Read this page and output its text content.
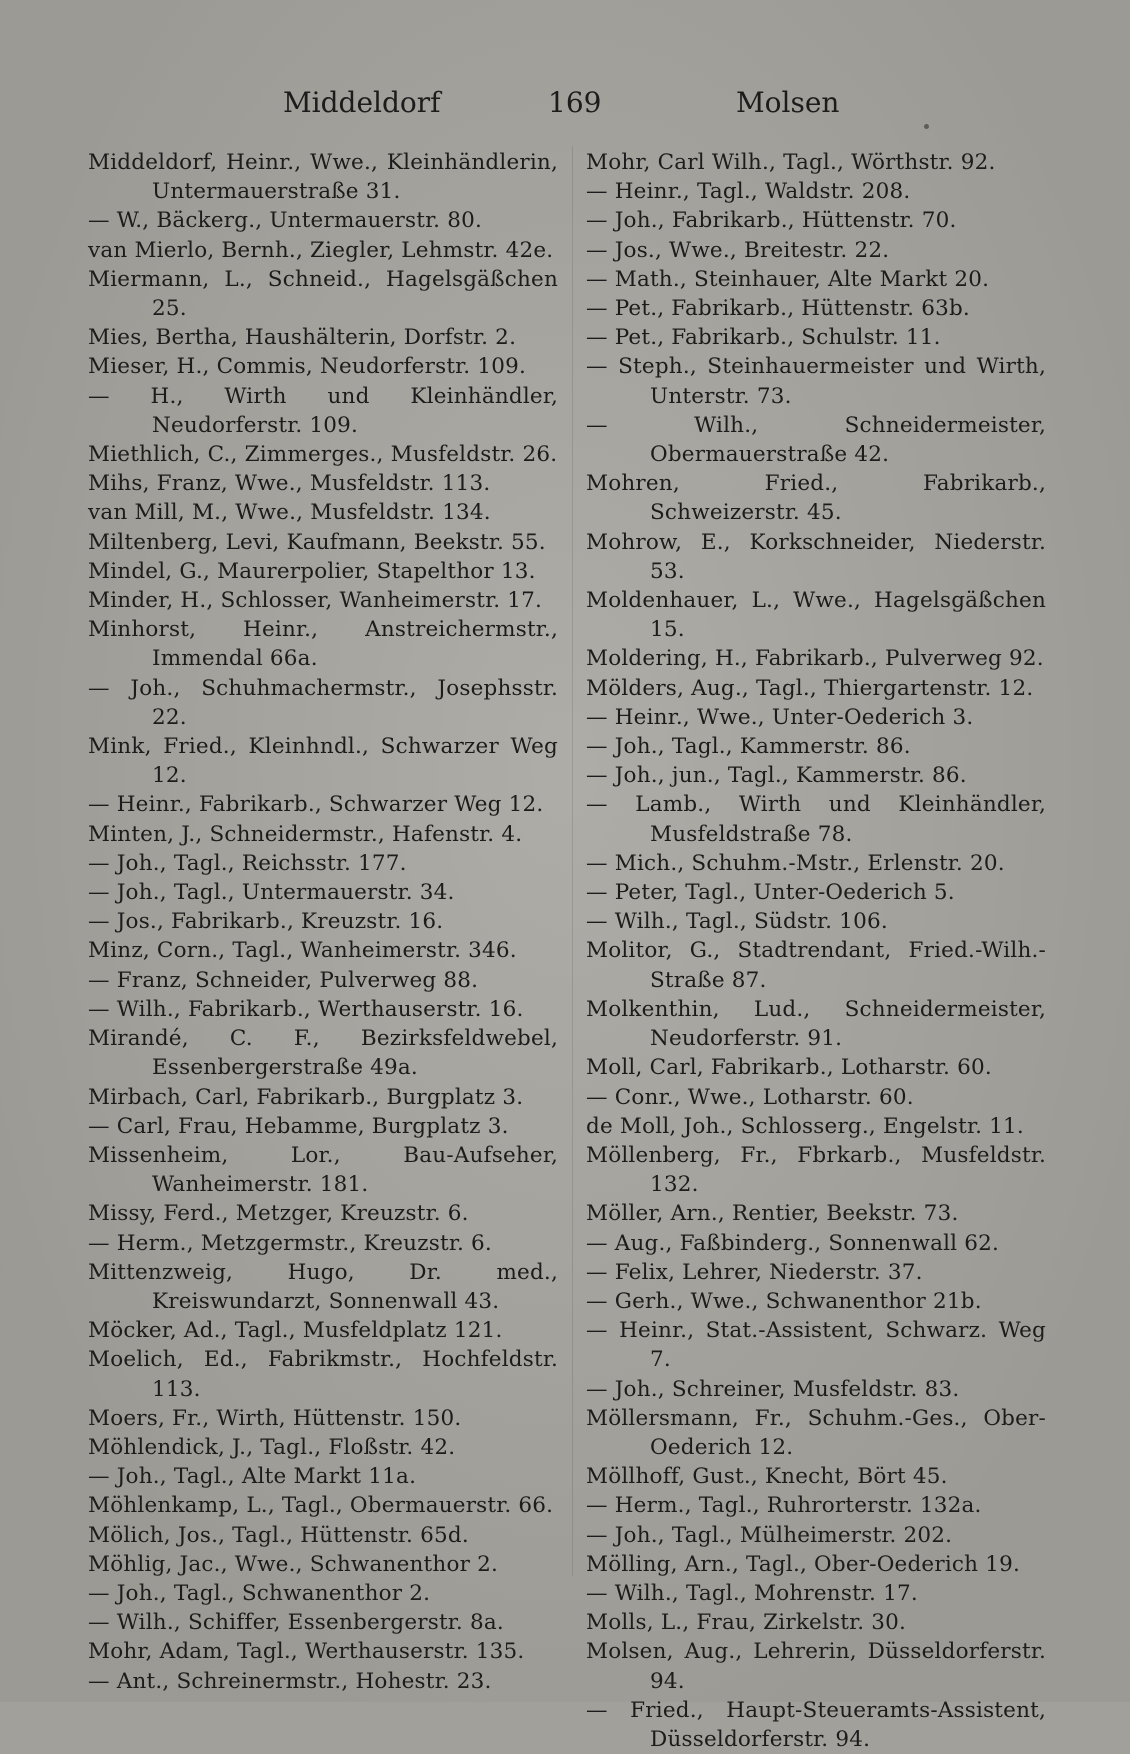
Middeldorf	169	Molsen
Middeldorf, Heinr., Wwe., Kleinhändlerin, Untermauerstraße 31.
— W., Bäckerg., Untermauerstr. 80.
van Mierlo, Bernh., Ziegler, Lehmstr. 42e.
Miermann, L., Schneid., Hagelsgäßchen 25.
Mies, Bertha, Haushälterin, Dorfstr. 2.
Mieser, H., Commis, Neudorferstr. 109.
— H., Wirth und Kleinhändler, Neudorferstr. 109.
Miethlich, C., Zimmerges., Musfeldstr. 26.
Mihs, Franz, Wwe., Musfeldstr. 113.
van Mill, M., Wwe., Musfeldstr. 134.
Miltenberg, Levi, Kaufmann, Beekstr. 55.
Mindel, G., Maurerpolier, Stapelthor 13.
Minder, H., Schlosser, Wanheimerstr. 17.
Minhorst, Heinr., Anstreichermstr., Immendal 66a.
— Joh., Schuhmachermstr., Josephsstr. 22.
Mink, Fried., Kleinhndl., Schwarzer Weg 12.
— Heinr., Fabrikarb., Schwarzer Weg 12.
Minten, J., Schneidermstr., Hafenstr. 4.
— Joh., Tagl., Reichsstr. 177.
— Joh., Tagl., Untermauerstr. 34.
— Jos., Fabrikarb., Kreuzstr. 16.
Minz, Corn., Tagl., Wanheimerstr. 346.
— Franz, Schneider, Pulverweg 88.
— Wilh., Fabrikarb., Werthauserstr. 16.
Mirandé, C. F., Bezirksfeldwebel, Essenbergerstraße 49a.
Mirbach, Carl, Fabrikarb., Burgplatz 3.
— Carl, Frau, Hebamme, Burgplatz 3.
Missenheim, Lor., Bau-Aufseher, Wanheimerstr. 181.
Missy, Ferd., Metzger, Kreuzstr. 6.
— Herm., Metzgermstr., Kreuzstr. 6.
Mittenzweig, Hugo, Dr. med., Kreiswundarzt, Sonnenwall 43.
Möcker, Ad., Tagl., Musfeldplatz 121.
Moelich, Ed., Fabrikmstr., Hochfeldstr. 113.
Moers, Fr., Wirth, Hüttenstr. 150.
Möhlendick, J., Tagl., Floßstr. 42.
— Joh., Tagl., Alte Markt 11a.
Möhlenkamp, L., Tagl., Obermauerstr. 66.
Mölich, Jos., Tagl., Hüttenstr. 65d.
Möhlig, Jac., Wwe., Schwanenthor 2.
— Joh., Tagl., Schwanenthor 2.
— Wilh., Schiffer, Essenbergerstr. 8a.
Mohr, Adam, Tagl., Werthauserstr. 135.
— Ant., Schreinermstr., Hohestr. 23.
Mohr, Carl Wilh., Tagl., Wörthstr. 92.
— Heinr., Tagl., Waldstr. 208.
— Joh., Fabrikarb., Hüttenstr. 70.
— Jos., Wwe., Breitestr. 22.
— Math., Steinhauer, Alte Markt 20.
— Pet., Fabrikarb., Hüttenstr. 63b.
— Pet., Fabrikarb., Schulstr. 11.
— Steph., Steinhauermeister und Wirth, Unterstr. 73.
— Wilh., Schneidermeister, Obermauerstraße 42.
Mohren, Fried., Fabrikarb., Schweizerstr. 45.
Mohrow, E., Korkschneider, Niederstr. 53.
Moldenhauer, L., Wwe., Hagelsgäßchen 15.
Moldering, H., Fabrikarb., Pulverweg 92.
Mölders, Aug., Tagl., Thiergartenstr. 12.
— Heinr., Wwe., Unter-Oederich 3.
— Joh., Tagl., Kammerstr. 86.
— Joh., jun., Tagl., Kammerstr. 86.
— Lamb., Wirth und Kleinhändler, Musfeldstraße 78.
— Mich., Schuhm.-Mstr., Erlenstr. 20.
— Peter, Tagl., Unter-Oederich 5.
— Wilh., Tagl., Südstr. 106.
Molitor, G., Stadtrendant, Fried.-Wilh.-Straße 87.
Molkenthin, Lud., Schneidermeister, Neudorferstr. 91.
Moll, Carl, Fabrikarb., Lotharstr. 60.
— Conr., Wwe., Lotharstr. 60.
de Moll, Joh., Schlosserg., Engelstr. 11.
Möllenberg, Fr., Fbrkarb., Musfeldstr. 132.
Möller, Arn., Rentier, Beekstr. 73.
— Aug., Faßbinderg., Sonnenwall 62.
— Felix, Lehrer, Niederstr. 37.
— Gerh., Wwe., Schwanenthor 21b.
— Heinr., Stat.-Assistent, Schwarz. Weg 7.
— Joh., Schreiner, Musfeldstr. 83.
Möllersmann, Fr., Schuhm.-Ges., Ober-Oederich 12.
Möllhoff, Gust., Knecht, Bört 45.
— Herm., Tagl., Ruhrorterstr. 132a.
— Joh., Tagl., Mülheimerstr. 202.
Mölling, Arn., Tagl., Ober-Oederich 19.
— Wilh., Tagl., Mohrenstr. 17.
Molls, L., Frau, Zirkelstr. 30.
Molsen, Aug., Lehrerin, Düsseldorferstr. 94.
— Fried., Haupt-Steueramts-Assistent, Düsseldorferstr. 94.
